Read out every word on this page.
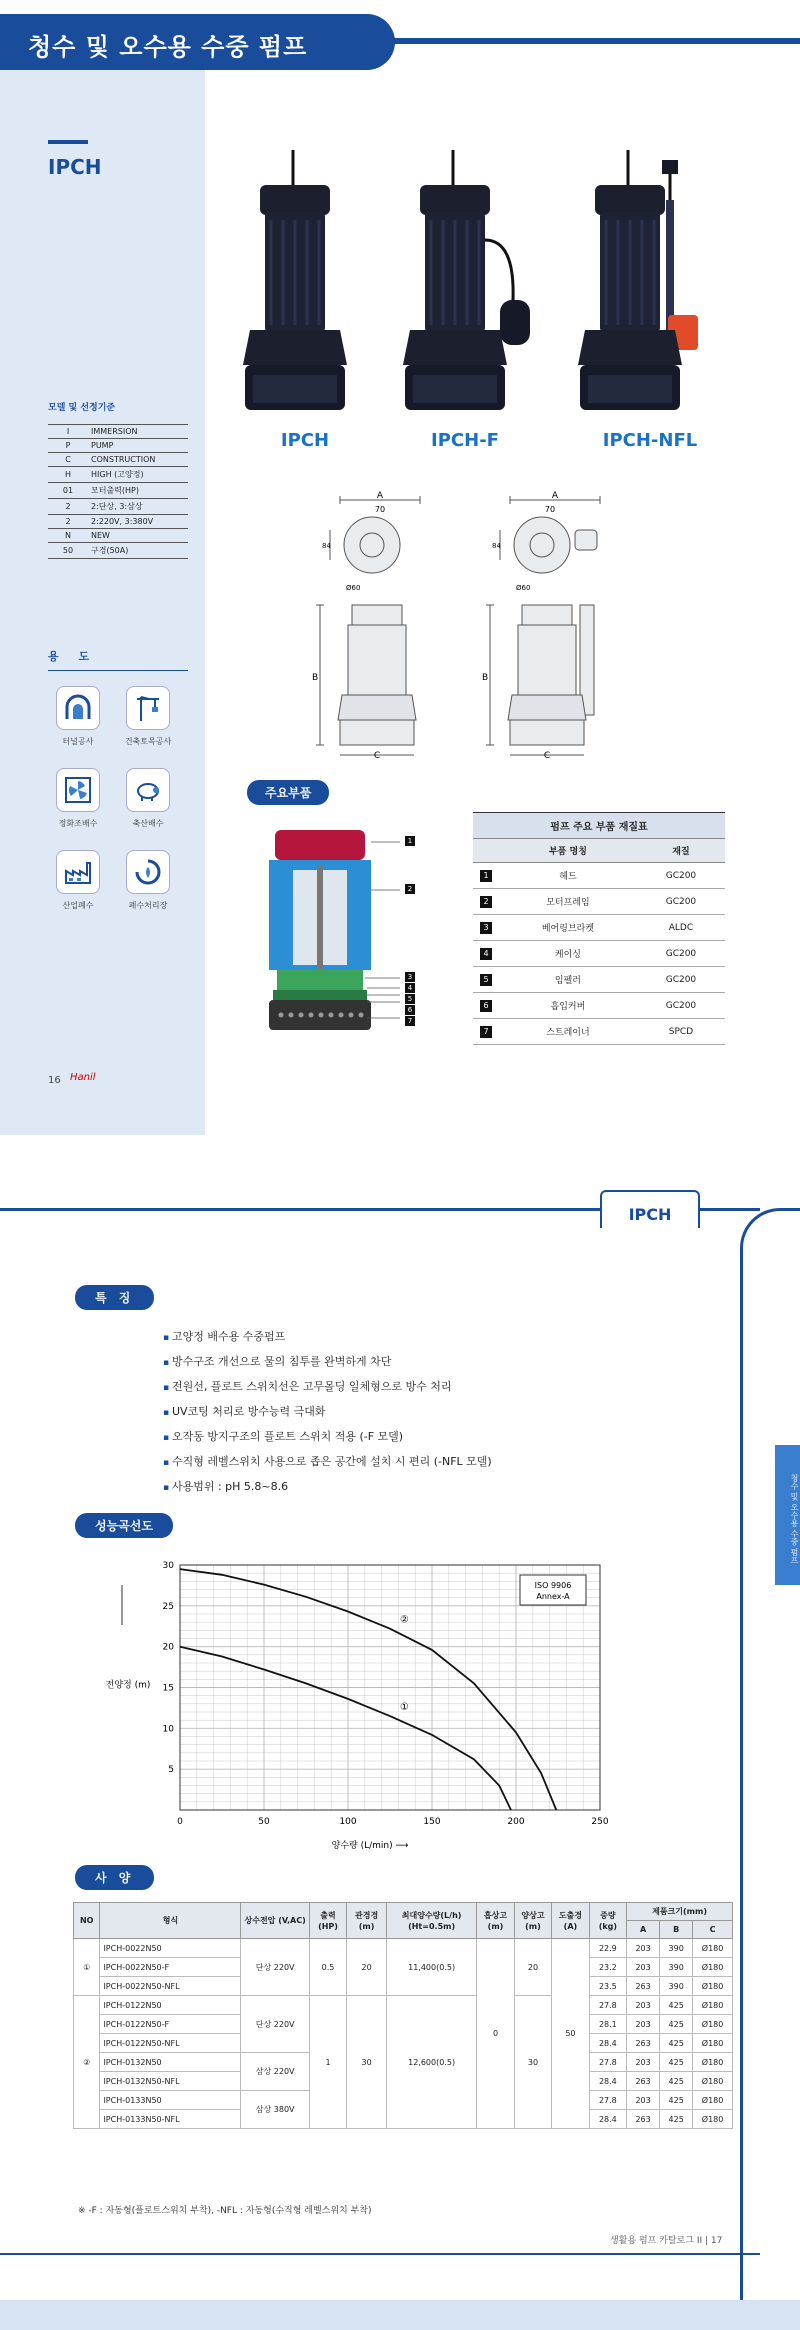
청수 및 오수용 수중 펌프
IPCH
모델 및 선정기준
I	IMMERSION
P	PUMP
C	CONSTRUCTION
H	HIGH (고양정)
01	모터출력(HP)
2	2:단상, 3:삼상
2	2:220V, 3:380V
N	NEW
50	구경(50A)
용 도
터널공사	건축토목공사
정화조배수	축산배수
산업폐수	폐수처리장
IPCH	IPCH-F	IPCH-NFL
A
70
84
Ø60
B
C
A
70
84
Ø60
B
C
주요부품
1
2
3
4
5
6
7
펌프 주요 부품 재질표		
	부품 명칭	재질
1	헤드	GC200
2	모터프레임	GC200
3	베어링브라켓	ALDC
4	케이싱	GC200
5	임펠러	GC200
6	흡입커버	GC200
7	스트레이너	SPCD
16 Hanil
IPCH
청수 및 오수용 수중 펌프
특 징
▪ 고양정 배수용 수중펌프
▪ 방수구조 개선으로 물의 침투를 완벽하게 차단
▪ 전원선, 플로트 스위치선은 고무몰딩 일체형으로 방수 처리
▪ UV코팅 처리로 방수능력 극대화
▪ 오작동 방지구조의 플로트 스위치 적용 (-F 모델)
▪ 수직형 레벨스위치 사용으로 좁은 공간에 설치 시 편리 (-NFL 모델)
▪ 사용범위 : pH 5.8~8.6
성능곡선도
0	50	100	150	200	250
5
10
15
20
25
30
양수량 (L/min) ⟶
전양정 (m)
ISO 9906
Annex-A
①
②
사 양
NO	형식	상수전압 (V,AC)	출력 (HP)	관경경 (m)	최대양수량(L/h) (Ht=0.5m)	흡상고 (m)	양상고 (m)	도출경 (A)	중량 (kg)	제품크기(mm)		
										A	B	C
①	IPCH-0022N50	단상 220V	0.5	20	11,400(0.5)	0	20	50	22.9	203	390	Ø180
	IPCH-0022N50-F								23.2	203	390	Ø180
	IPCH-0022N50-NFL								23.5	263	390	Ø180
②	IPCH-0122N50	단상 220V	1	30	12,600(0.5)		30		27.8	203	425	Ø180
	IPCH-0122N50-F								28.1	203	425	Ø180
	IPCH-0122N50-NFL								28.4	263	425	Ø180
	IPCH-0132N50	삼상 220V							27.8	203	425	Ø180
	IPCH-0132N50-NFL								28.4	263	425	Ø180
	IPCH-0133N50	삼상 380V							27.8	203	425	Ø180
	IPCH-0133N50-NFL								28.4	263	425	Ø180
※ -F : 자동형(플로트스위치 부착), -NFL : 자동형(수직형 레벨스위치 부착)
생활용 펌프 카탈로그 II | 17
